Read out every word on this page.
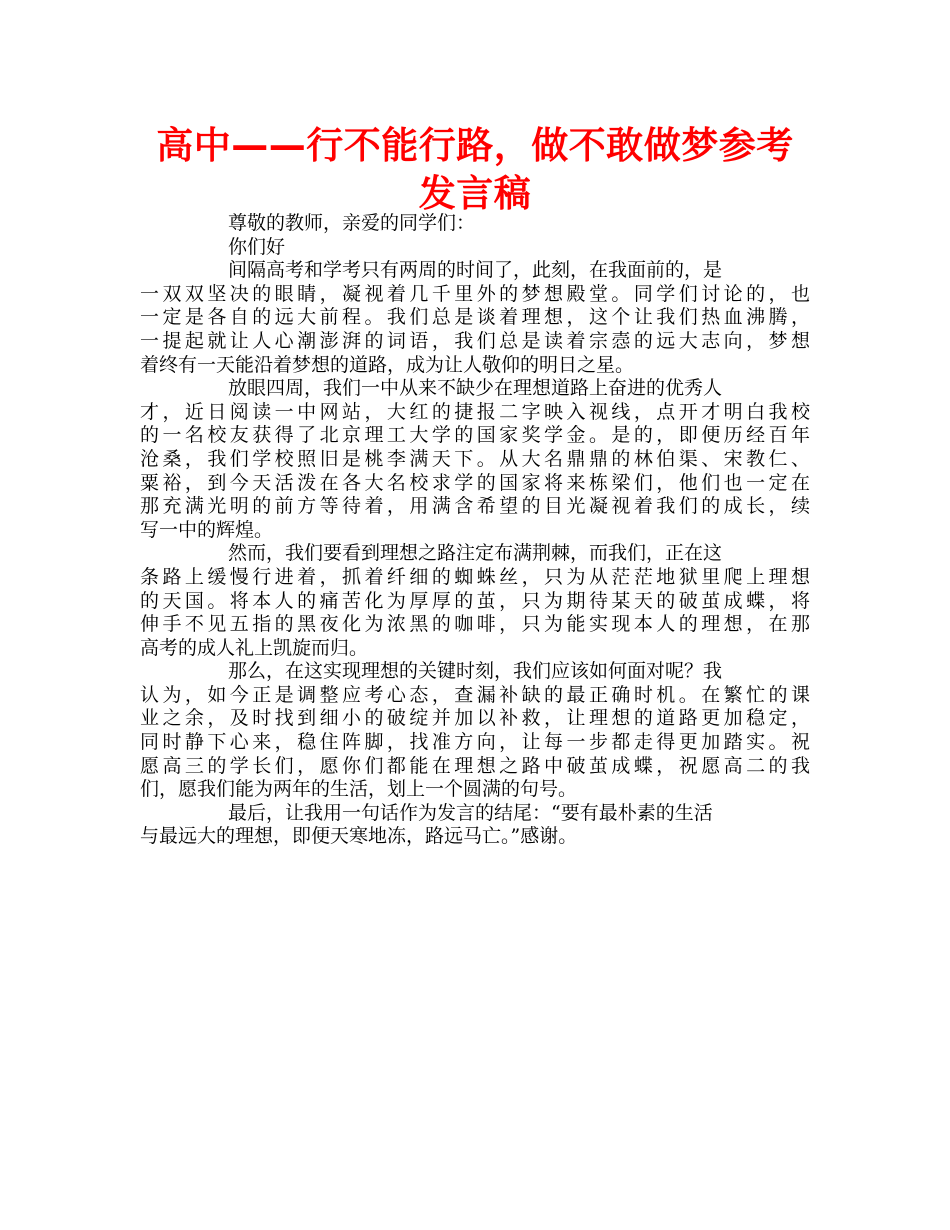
高中——行不能行路，做不敢做梦参考发言稿
尊敬的教师，亲爱的同学们：
你们好
间隔高考和学考只有两周的时间了，此刻，在我面前的，是
一双双坚决的眼睛，凝视着几千里外的梦想殿堂。同学们讨论的，也
一定是各自的远大前程。我们总是谈着理想，这个让我们热血沸腾，
一提起就让人心潮澎湃的词语，我们总是读着宗悫的远大志向，梦想
着终有一天能沿着梦想的道路，成为让人敬仰的明日之星。
放眼四周，我们一中从来不缺少在理想道路上奋进的优秀人
才，近日阅读一中网站，大红的捷报二字映入视线，点开才明白我校
的一名校友获得了北京理工大学的国家奖学金。是的，即便历经百年
沧桑，我们学校照旧是桃李满天下。从大名鼎鼎的林伯渠、宋教仁、
粟裕，到今天活泼在各大名校求学的国家将来栋梁们，他们也一定在
那充满光明的前方等待着，用满含希望的目光凝视着我们的成长，续
写一中的辉煌。
然而，我们要看到理想之路注定布满荆棘，而我们，正在这
条路上缓慢行进着，抓着纤细的蜘蛛丝，只为从茫茫地狱里爬上理想
的天国。将本人的痛苦化为厚厚的茧，只为期待某天的破茧成蝶，将
伸手不见五指的黑夜化为浓黑的咖啡，只为能实现本人的理想，在那
高考的成人礼上凯旋而归。
那么，在这实现理想的关键时刻，我们应该如何面对呢？我
认为，如今正是调整应考心态，查漏补缺的最正确时机。在繁忙的课
业之余，及时找到细小的破绽并加以补救，让理想的道路更加稳定，
同时静下心来，稳住阵脚，找准方向，让每一步都走得更加踏实。祝
愿高三的学长们，愿你们都能在理想之路中破茧成蝶，祝愿高二的我
们，愿我们能为两年的生活，划上一个圆满的句号。
最后，让我用一句话作为发言的结尾：“要有最朴素的生活
与最远大的理想，即便天寒地冻，路远马亡。”感谢。
